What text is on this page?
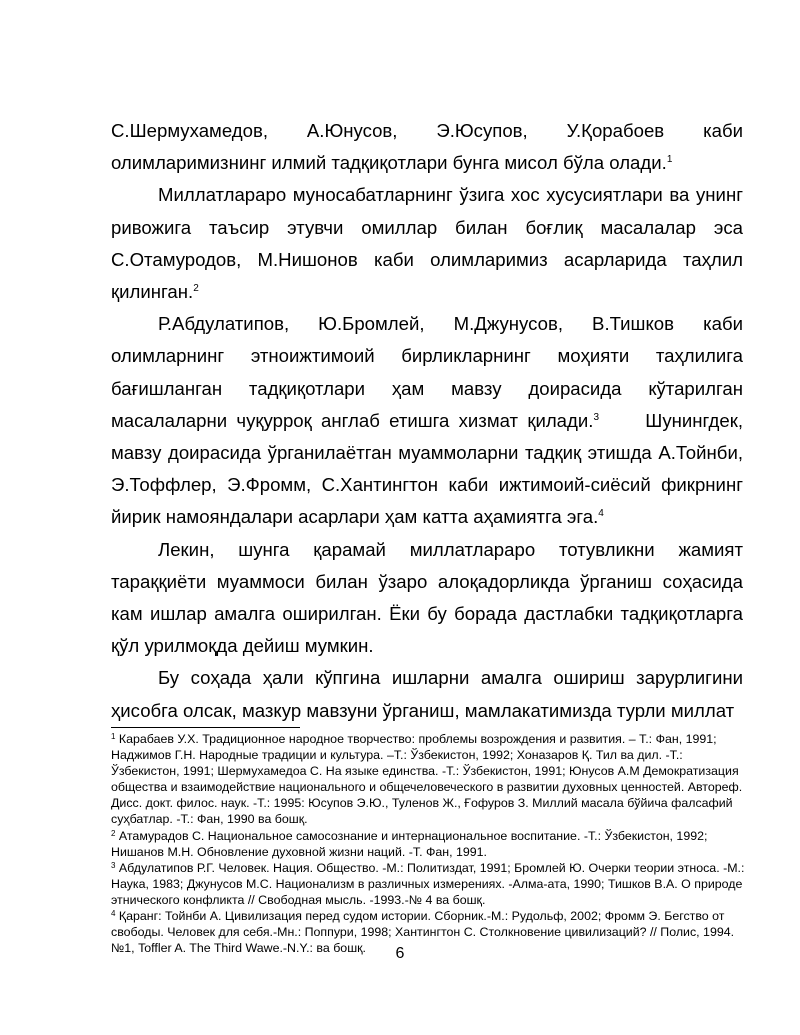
С.Шермухамедов, А.Юнусов, Э.Юсупов, У.Қорабоев каби олимларимизнинг илмий тадқиқотлари бунга мисол бўла олади.$^1$

Миллатлараро муносабатларнинг ўзига хос хусусиятлари ва унинг ривожига таъсир этувчи омиллар билан боғлиқ масалалар эса С.Отамуродов, М.Нишонов каби олимларимиз асарларида таҳлил қилинган.$^2$

Р.Абдулатипов, Ю.Бромлей, М.Джунусов, В.Тишков каби олимларнинг этноижтимоий бирликларнинг моҳияти таҳлилига бағишланган тадқиқотлари ҳам мавзу доирасида кўтарилган масалаларни чуқурроқ англаб етишга хизмат қилади.$^3$ Шунингдек, мавзу доирасида ўрганилаётган муаммоларни тадқиқ этишда А.Тойнби, Э.Тоффлер, Э.Фромм, С.Хантингтон каби ижтимоий-сиёсий фикрнинг йирик намояндалари асарлари ҳам катта аҳамиятга эга.$^4$

Лекин, шунга қарамай миллатлараро тотувликни жамият тараққиёти муаммоси билан ўзаро алоқадорликда ўрганиш соҳасида кам ишлар амалга оширилган. Ёки бу борада дастлабки тадқиқотларга қўл урилмоқда дейиш мумкин.

Бу соҳада ҳали кўпгина ишларни амалга ошириш зарурлигини ҳисобга олсак, мазкур мавзуни ўрганиш, мамлакатимизда турли миллат

$^1$ Карабаев У.Х. Традиционное народное творчество: проблемы возрождения и развития. – Т.: Фан, 1991; Наджимов Г.Н. Народные традиции и культура. –Т.: Ўзбекистон, 1992; Хоназаров Қ. Тил ва дил. -Т.: Ўзбекистон, 1991; Шермухамедоа С. На языке единства. -Т.: Ўзбекистон, 1991; Юнусов А.М Демократизация общества и взаимодействие национального и общечеловеческого в развитии духовных ценностей. Автореф. Дисс. докт. филос. наук. -Т.: 1995: Юсупов Э.Ю., Туленов Ж., Ғофуров З. Миллий масала бўйича фалсафий суҳбатлар. -Т.: Фан, 1990 ва бошқ.

$^2$ Атамурадов С. Национальное самосознание и интернациональное воспитание. -Т.: Ўзбекистон, 1992; Нишанов М.Н. Обновление духовной жизни наций. -Т. Фан, 1991.

$^3$ Абдулатипов Р.Г. Человек. Нация. Общество. -М.: Политиздат, 1991; Бромлей Ю. Очерки теории этноса. -М.: Наука, 1983; Джунусов М.С. Национализм в различных измерениях. -Алма-ата, 1990; Тишков В.А. О природе этнического конфликта // Свободная мысль. -1993.-№ 4 ва бошқ.

$^4$ Қаранг: Тойнби А. Цивилизация перед судом истории. Сборник.-М.: Рудольф, 2002; Фромм Э. Бегство от свободы. Человек для себя.-Мн.: Поппури, 1998; Хантингтон С. Столкновение цивилизаций? // Полис, 1994. №1, Toffler A. The Third Wawe.-N.Y.: ва бошқ.	6
